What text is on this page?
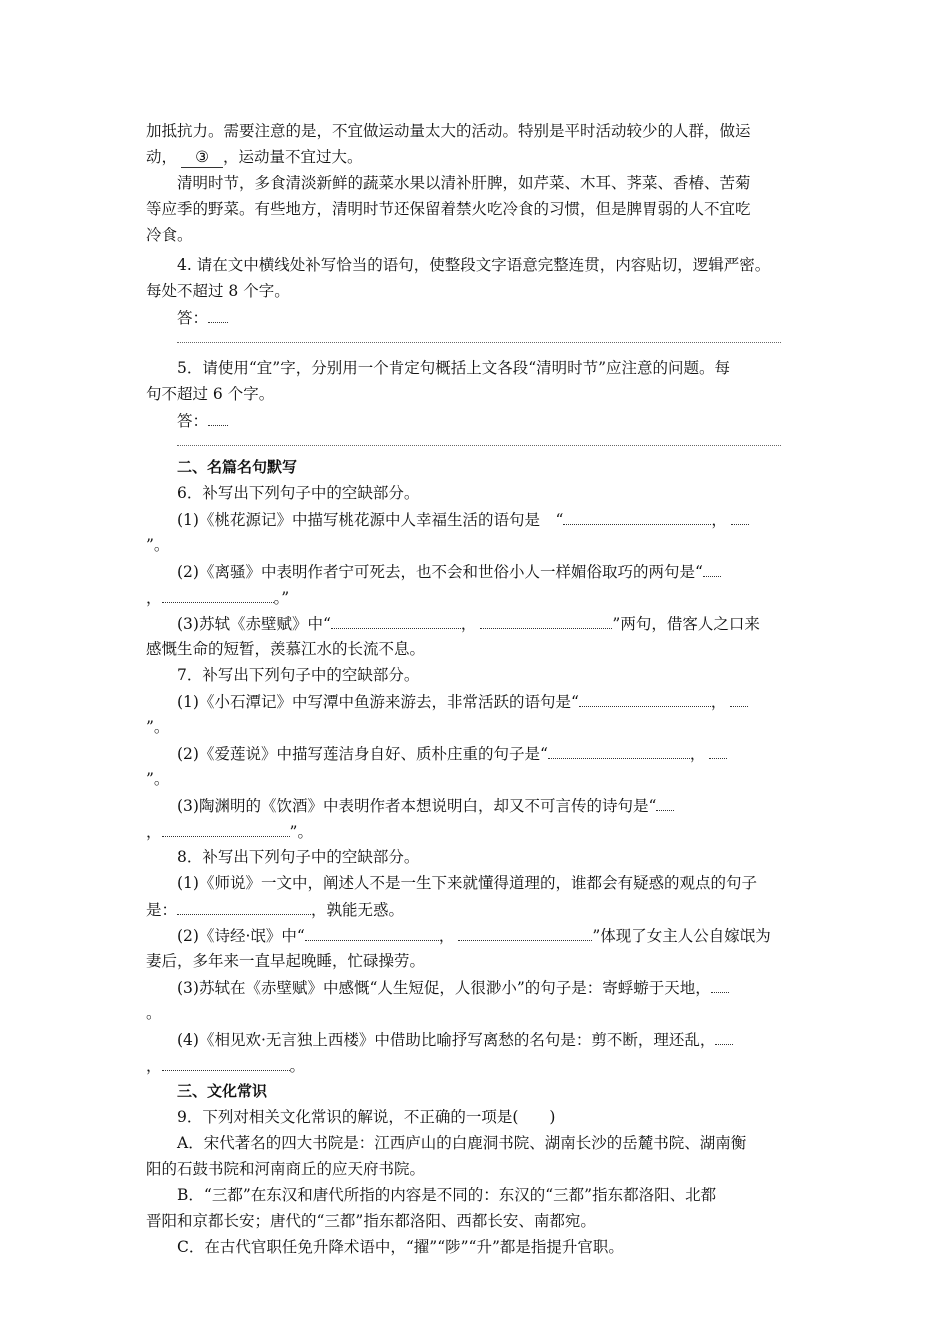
加抵抗力。需要注意的是，不宜做运动量太大的活动。特别是平时活动较少的人群，做运
动， ③ ，运动量不宜过大。
清明时节，多食清淡新鲜的蔬菜水果以清补肝脾，如芹菜、木耳、荠菜、香椿、苦菊
等应季的野菜。有些地方，清明时节还保留着禁火吃冷食的习惯，但是脾胃弱的人不宜吃
冷食。
4. 请在文中横线处补写恰当的语句，使整段文字语意完整连贯，内容贴切，逻辑严密。
每处不超过 8 个字。
答：
5．请使用“宜”字，分别用一个肯定句概括上文各段“清明时节”应注意的问题。每
句不超过 6 个字。
答：
二、名篇名句默写
6．补写出下列句子中的空缺部分。
(1)《桃花源记》中描写桃花源中人幸福生活的语句是　“	，
”。
(2)《离骚》中表明作者宁可死去，也不会和世俗小人一样媚俗取巧的两句是“
，	。”
(3)苏轼《赤壁赋》中“	，	”两句，借客人之口来
感慨生命的短暂，羡慕江水的长流不息。
7．补写出下列句子中的空缺部分。
(1)《小石潭记》中写潭中鱼游来游去，非常活跃的语句是“	，
”。
(2)《爱莲说》中描写莲洁身自好、质朴庄重的句子是“	，
”。
(3)陶渊明的《饮酒》中表明作者本想说明白，却又不可言传的诗句是“
，	”。
8．补写出下列句子中的空缺部分。
(1)《师说》一文中，阐述人不是一生下来就懂得道理的，谁都会有疑惑的观点的句子
是：	，孰能无惑。
(2)《诗经·氓》中“	，	”体现了女主人公自嫁氓为
妻后，多年来一直早起晚睡，忙碌操劳。
(3)苏轼在《赤壁赋》中感慨“人生短促，人很渺小”的句子是：寄蜉蝣于天地，
。
(4)《相见欢·无言独上西楼》中借助比喻抒写离愁的名句是：剪不断，理还乱，
，	。
三、文化常识
9．下列对相关文化常识的解说，不正确的一项是(　　)
A．宋代著名的四大书院是：江西庐山的白鹿洞书院、湖南长沙的岳麓书院、湖南衡
阳的石鼓书院和河南商丘的应天府书院。
B．“三都”在东汉和唐代所指的内容是不同的：东汉的“三都”指东都洛阳、北都
晋阳和京都长安；唐代的“三都”指东都洛阳、西都长安、南都宛。
C．在古代官职任免升降术语中，“擢”“陟”“升”都是指提升官职。
